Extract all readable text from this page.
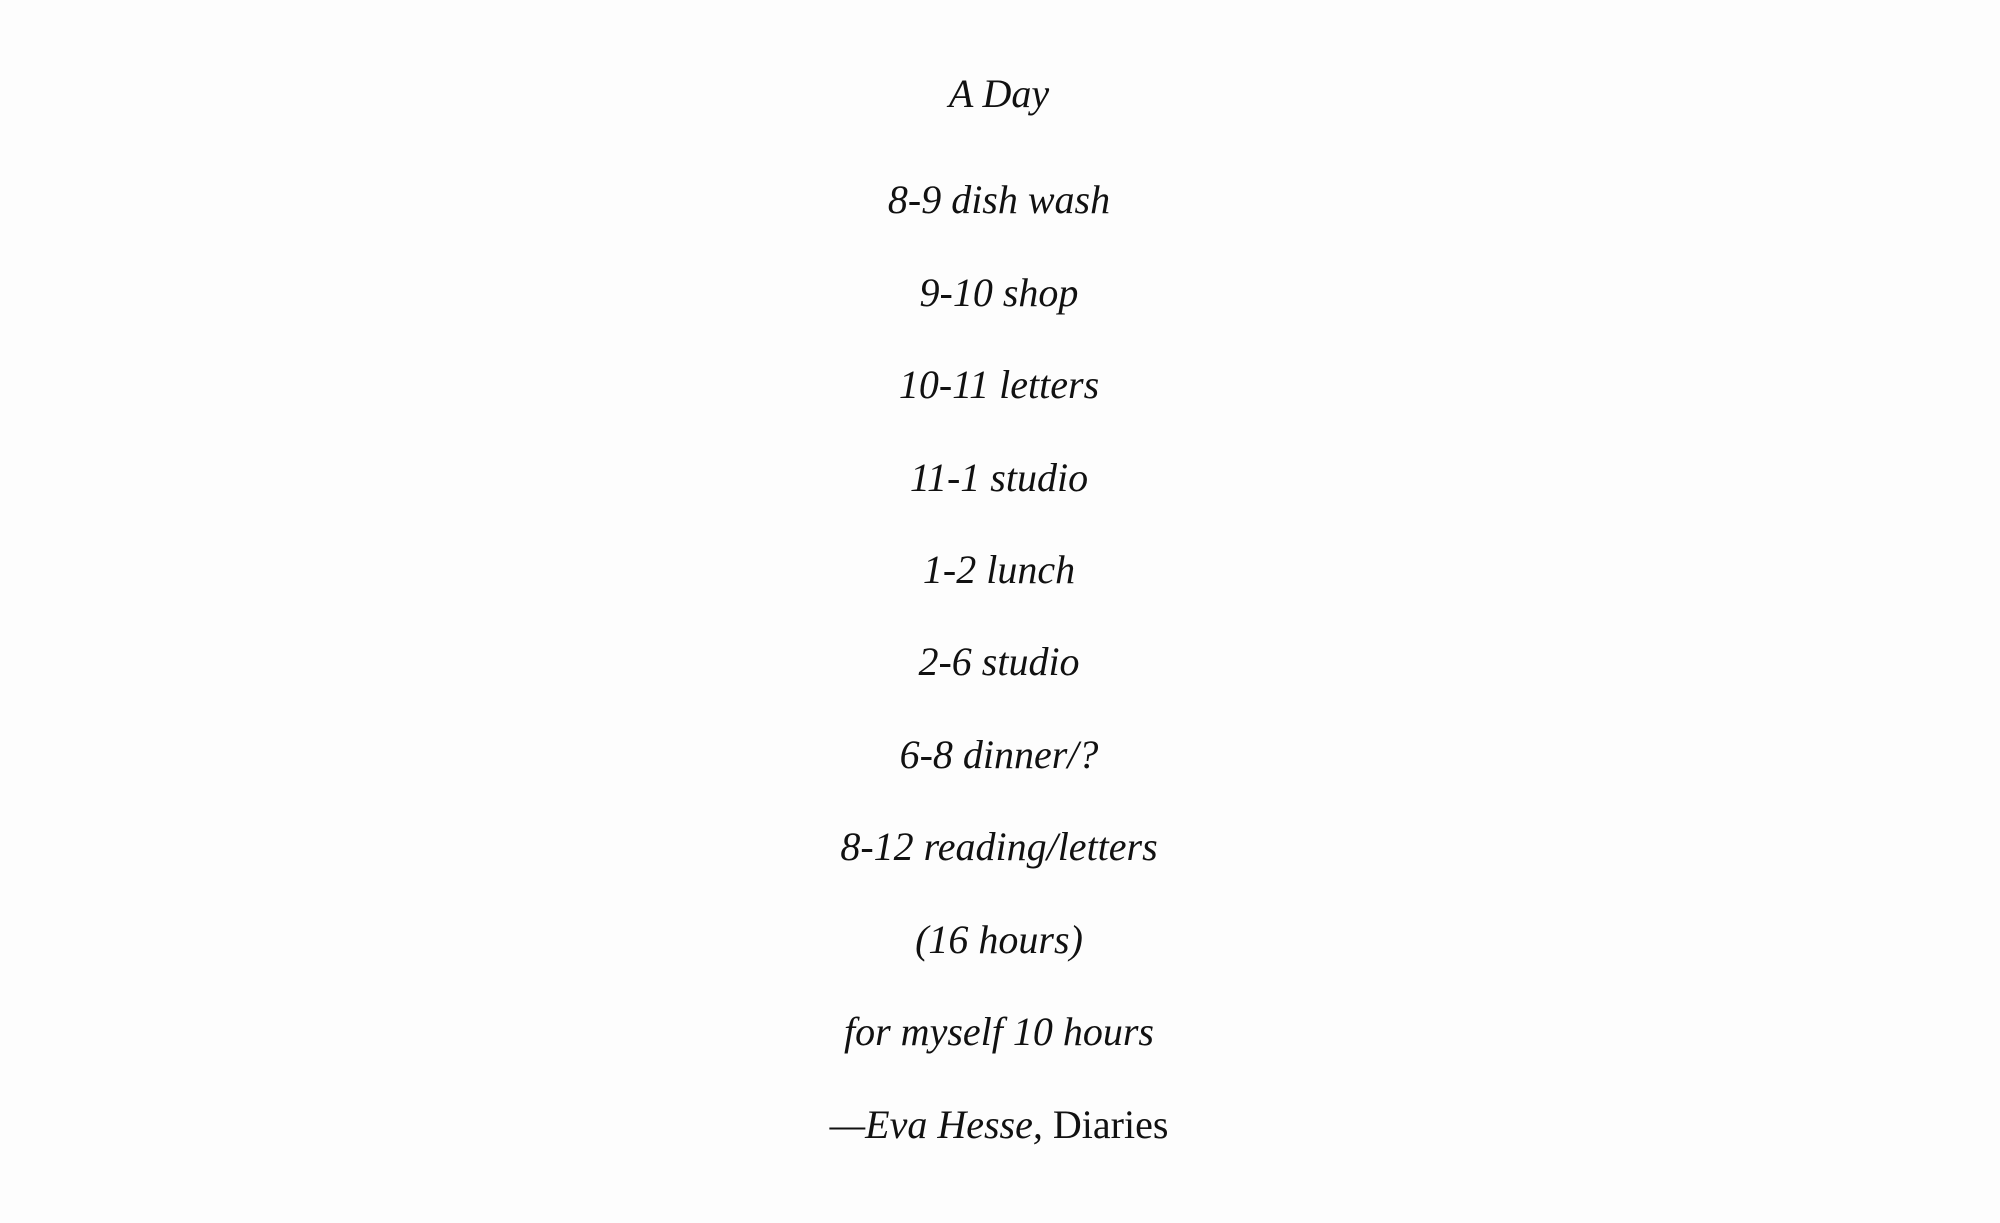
A Day
8-9 dish wash
9-10 shop
10-11 letters
11-1 studio
1-2 lunch
2-6 studio
6-8 dinner/?
8-12 reading/letters
(16 hours)
for myself 10 hours
—Eva Hesse, Diaries
